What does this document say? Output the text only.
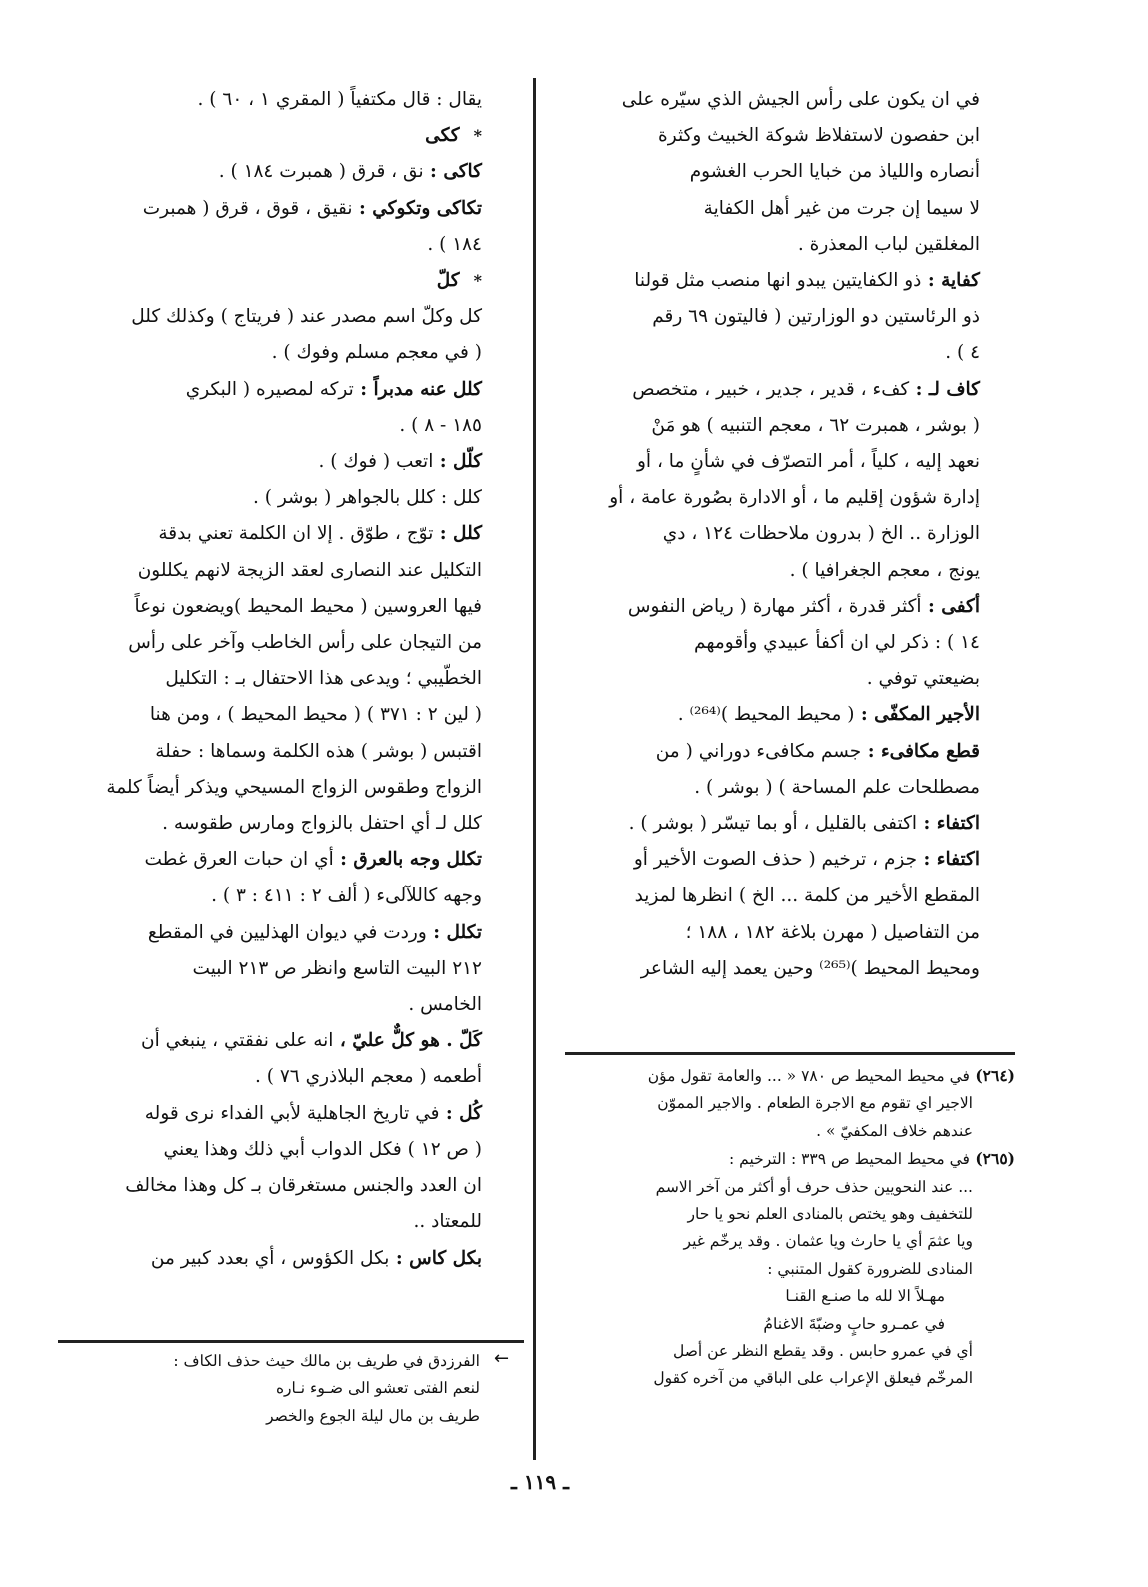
في ان يكون على رأس الجيش الذي سيّره على

ابن حفصون لاستفلاظ شوكة الخبيث وكثرة

أنصاره واللياذ من خبايا الحرب الغشوم

لا سيما إن جرت من غير أهل الكفاية

المغلقين لباب المعذرة .

كفاية : ذو الكفايتين يبدو انها منصب مثل قولنا

ذو الرئاستين دو الوزارتين ( فاليتون ٦٩ رقم

٤ ) .

كاف لـ : كفء ، قدير ، جدير ، خبير ، متخصص

( بوشر ، همبرت ٦٢ ، معجم التنبيه ) هو مَنْ

نعهد إليه ، كلياً ، أمر التصرّف في شأنٍ ما ، أو

إدارة شؤون إقليم ما ، أو الادارة بصُورة عامة ، أو

الوزارة .. الخ ( بدرون ملاحظات ١٢٤ ، دي

يونج ، معجم الجغرافيا ) .

أكفى : أكثر قدرة ، أكثر مهارة ( رياض النفوس

١٤ ) : ذكر لي ان أكفأ عبيدي وأقومهم

بضيعتي توفي .

الأجير المكفّى : ( محيط المحيط )⁽²⁶⁴⁾ .

قطع مكافىء : جسم مكافىء دوراني ( من

مصطلحات علم المساحة ) ( بوشر ) .

اكتفاء : اكتفى بالقليل ، أو بما تيسّر ( بوشر ) .

اكتفاء : جزم ، ترخيم ( حذف الصوت الأخير أو

المقطع الأخير من كلمة ... الخ ) انظرها لمزيد

من التفاصيل ( مهرن بلاغة ١٨٢ ، ١٨٨ ؛

ومحيط المحيط )⁽²⁶⁵⁾ وحين يعمد إليه الشاعر

يقال : قال مكتفياً ( المقري ١ ، ٦٠ ) .

*ككى

كاكى : نق ، قرق ( همبرت ١٨٤ ) .

تكاكى وتكوكي : نقيق ، قوق ، قرق ( همبرت

١٨٤ ) .

*كلّ

كل وكلّ اسم مصدر عند ( فريتاج ) وكذلك كلل

( في معجم مسلم وفوك ) .

كلل عنه مدبراً : تركه لمصيره ( البكري

١٨٥ - ٨ ) .

كلّل : اتعب ( فوك ) .

كلل : كلل بالجواهر ( بوشر ) .

كلل : توّج ، طوّق . إلا ان الكلمة تعني بدقة

التكليل عند النصارى لعقد الزيجة لانهم يكللون

فيها العروسين ( محيط المحيط )ويضعون نوعاً

من التيجان على رأس الخاطب وآخر على رأس

الخطّيبي ؛ ويدعى هذا الاحتفال بـ : التكليل

( لين ٢ : ٣٧١ ) ( محيط المحيط ) ، ومن هنا

اقتبس ( بوشر ) هذه الكلمة وسماها : حفلة

الزواج وطقوس الزواج المسيحي ويذكر أيضاً كلمة

كلل لـ أي احتفل بالزواج ومارس طقوسه .

تكلل وجه بالعرق : أي ان حبات العرق غطت

وجهه كاللآلىء ( ألف ٢ : ٤١١ : ٣ ) .

تكلل : وردت في ديوان الهذليين في المقطع

٢١٢ البيت التاسع وانظر ص ٢١٣ البيت

الخامس .

كَلّ . هو كلٌّ عليّ ، انه على نفقتي ، ينبغي أن

أطعمه ( معجم البلاذري ٧٦ ) .

كُل : في تاريخ الجاهلية لأبي الفداء نرى قوله

( ص ١٢ ) فكل الدواب أبي ذلك وهذا يعني

ان العدد والجنس مستغرقان بـ كل وهذا مخالف

للمعتاد ..

بكل كاس : بكل الكؤوس ، أي بعدد كبير من

(٢٦٤) في محيط المحيط ص ٧٨٠ « ... والعامة تقول مؤن

الاجير اي تقوم مع الاجرة الطعام . والاجير المموّن

عندهم خلاف المكفيّ » .

(٢٦٥) في محيط المحيط ص ٣٣٩ : الترخيم :

... عند النحويين حذف حرف أو أكثر من آخر الاسم

للتخفيف وهو يختص بالمنادى العلم نحو يا حار

ويا عثمَ أي يا حارث ويا عثمان . وقد يرخّم غير

المنادى للضرورة كقول المتنبي :

مهـلاً الا لله ما صنـع القنـا

في عمـرو حابٍ وضبّةَ الاغنامُ

أي في عمرو حابس . وقد يقطع النظر عن أصل

المرخّم فيعلق الإعراب على الباقي من آخره كقول

←

الفرزدق في طريف بن مالك حيث حذف الكاف :

لنعم الفتى تعشو الى ضـوء نـاره

طريف بن مال ليلة الجوع والخصر

ـ ١١٩ ـ
